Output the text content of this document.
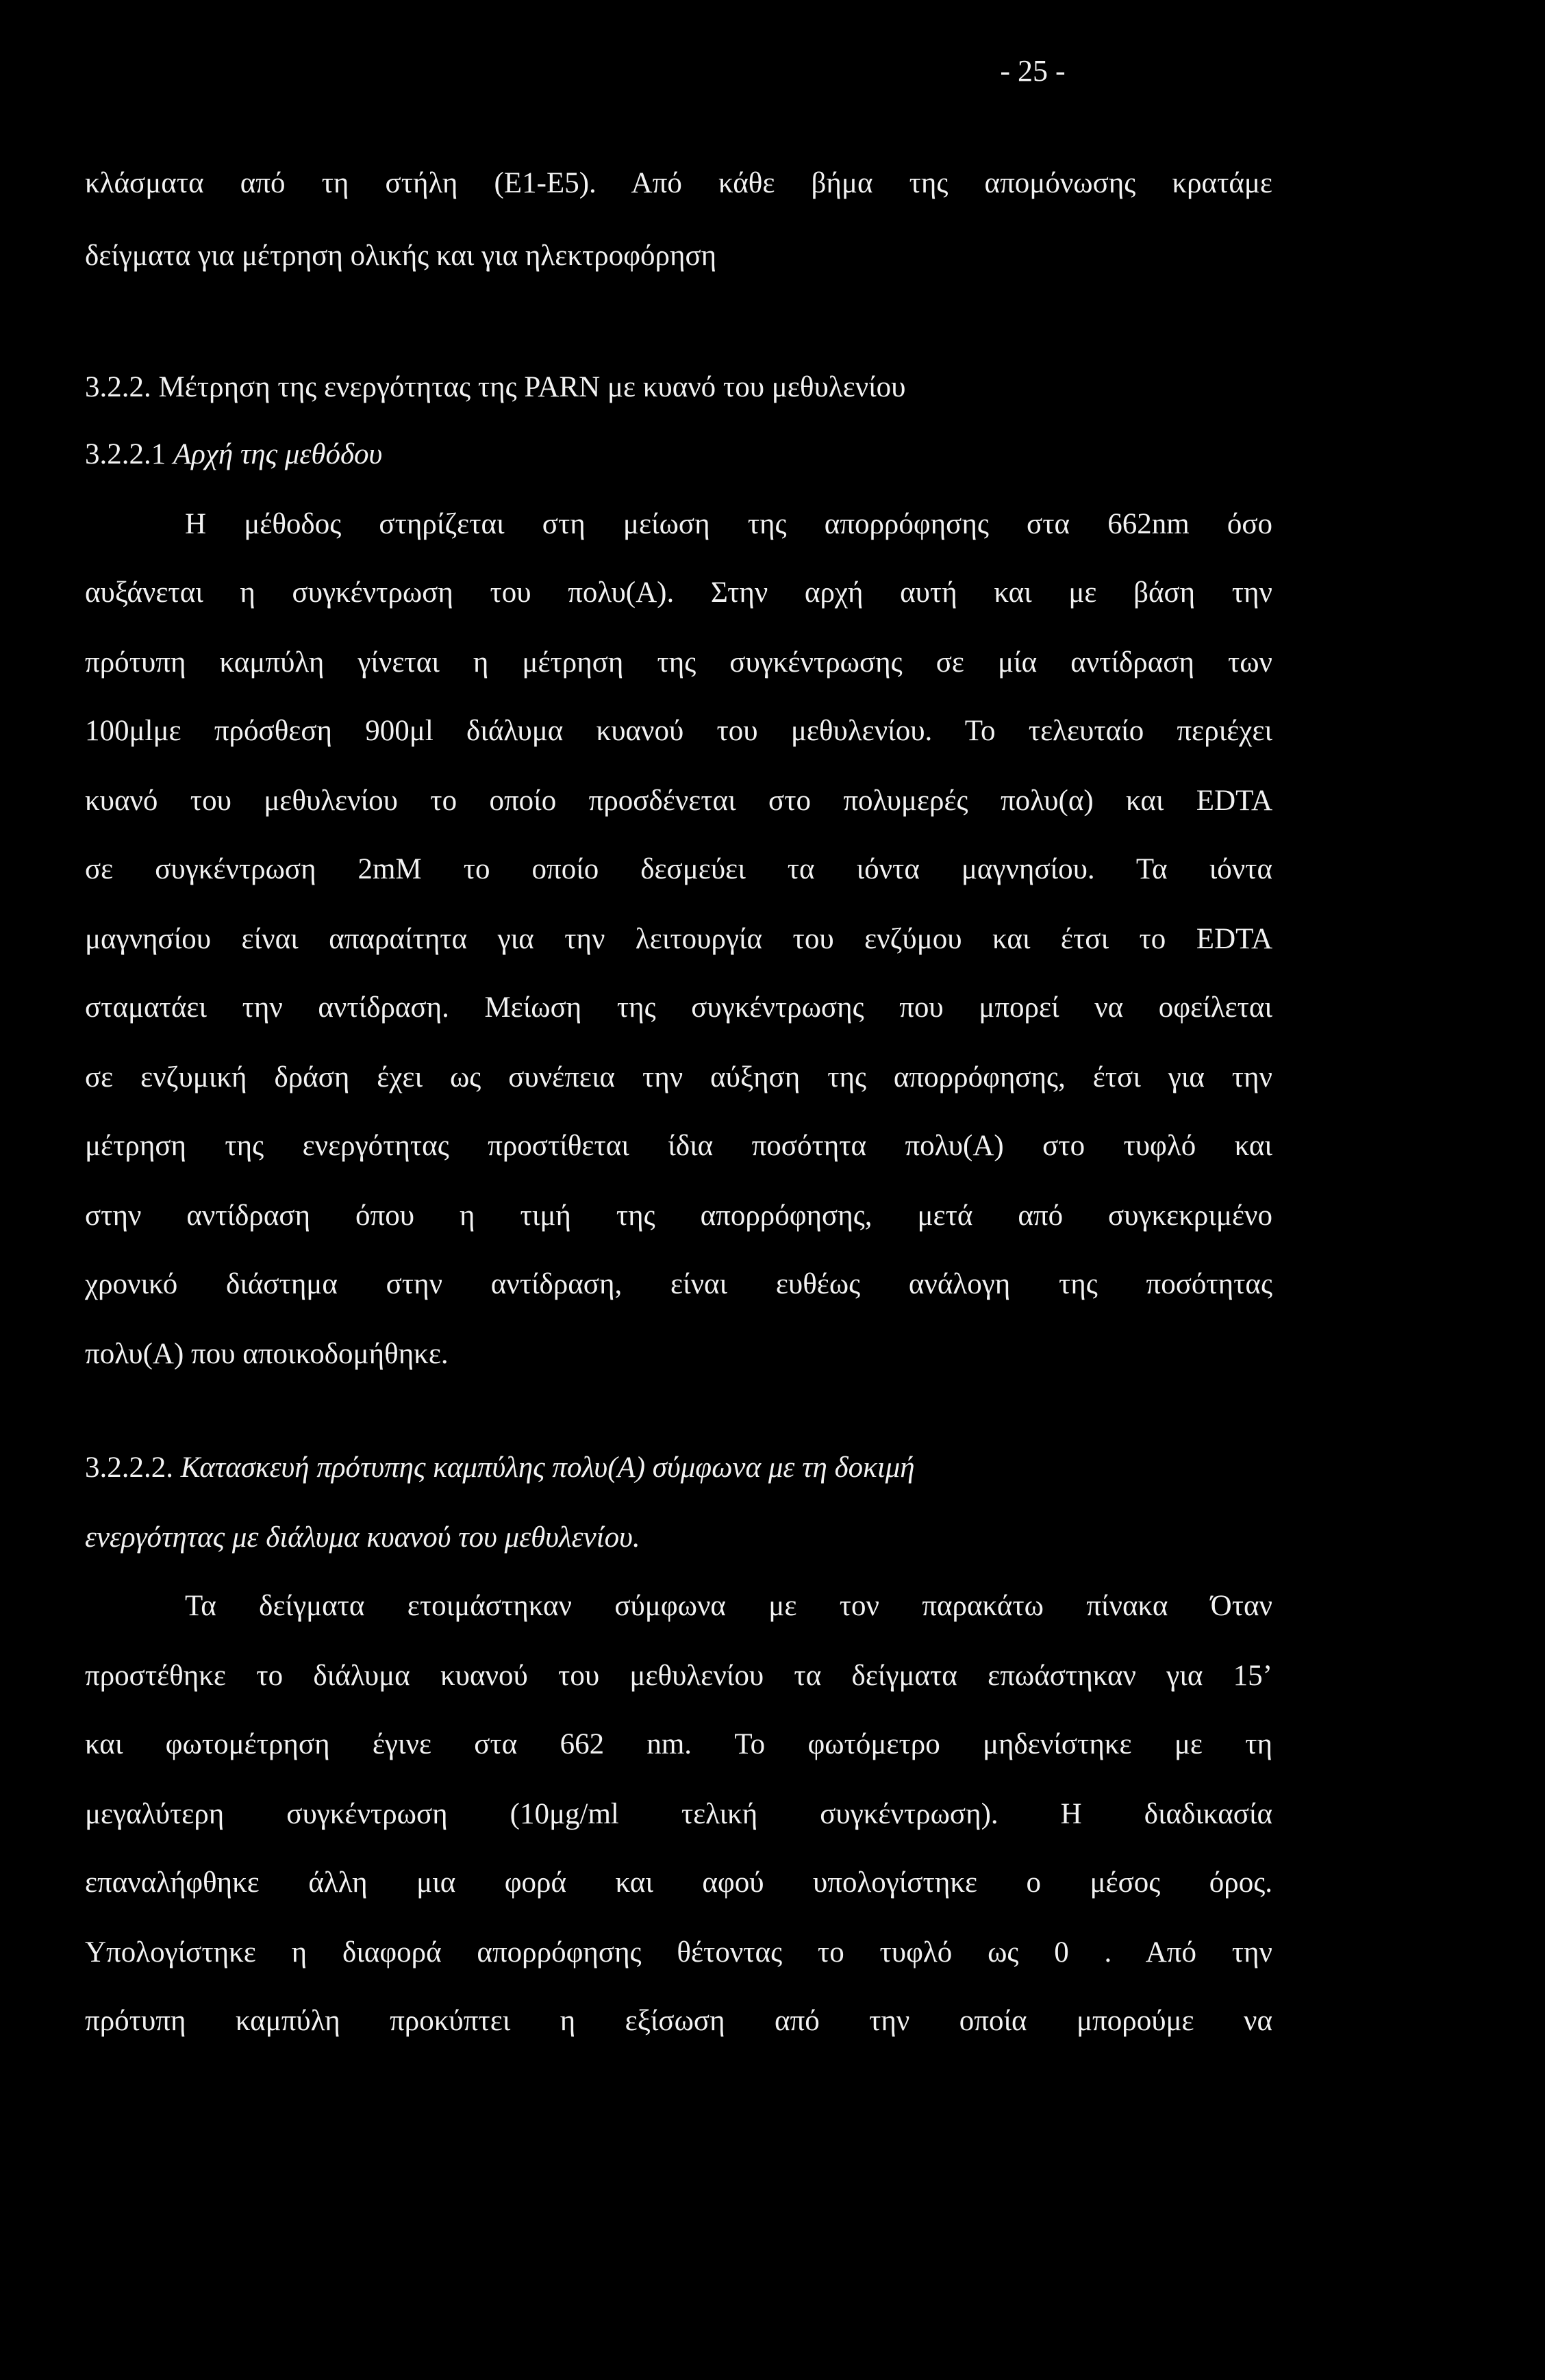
- 25 -
κλάσματα από τη στήλη (Ε1-Ε5). Από κάθε βήμα της απομόνωσης κρατάμε
δείγματα για μέτρηση ολικής και για ηλεκτροφόρηση
3.2.2. Μέτρηση της ενεργότητας της PARN με κυανό του μεθυλενίου
3.2.2.1 Αρχή της μεθόδου
Η μέθοδος στηρίζεται στη μείωση της απορρόφησης στα 662nm όσο
αυξάνεται η συγκέντρωση του πολυ(Α). Στην αρχή αυτή και με βάση την
πρότυπη καμπύλη γίνεται η μέτρηση της συγκέντρωσης σε μία αντίδραση των
100μlμε πρόσθεση 900μl διάλυμα κυανού του μεθυλενίου. Το τελευταίο περιέχει
κυανό του μεθυλενίου το οποίο προσδένεται στο πολυμερές πολυ(α) και EDTA
σε συγκέντρωση 2mM το οποίο δεσμεύει τα ιόντα μαγνησίου. Τα ιόντα
μαγνησίου είναι απαραίτητα για την λειτουργία του ενζύμου και έτσι το EDTA
σταματάει την αντίδραση. Μείωση της συγκέντρωσης που μπορεί να οφείλεται
σε ενζυμική δράση έχει ως συνέπεια την αύξηση της απορρόφησης, έτσι για την
μέτρηση της ενεργότητας προστίθεται ίδια ποσότητα πολυ(Α) στο τυφλό και
στην αντίδραση όπου η τιμή της απορρόφησης, μετά από συγκεκριμένο
χρονικό διάστημα στην αντίδραση, είναι ευθέως ανάλογη της ποσότητας
πολυ(Α) που αποικοδομήθηκε.
3.2.2.2. Κατασκευή πρότυπης καμπύλης πολυ(Α) σύμφωνα με τη δοκιμή
ενεργότητας με διάλυμα κυανού του μεθυλενίου.
Τα δείγματα ετοιμάστηκαν σύμφωνα με τον παρακάτω πίνακα Όταν
προστέθηκε το διάλυμα κυανού του μεθυλενίου τα δείγματα επωάστηκαν για 15’
και φωτομέτρηση έγινε στα 662 nm. Το φωτόμετρο μηδενίστηκε με τη
μεγαλύτερη συγκέντρωση (10μg/ml τελική συγκέντρωση). Η διαδικασία
επαναλήφθηκε άλλη μια φορά και αφού υπολογίστηκε ο μέσος όρος.
Υπολογίστηκε η διαφορά απορρόφησης θέτοντας το τυφλό ως 0 . Από την
πρότυπη καμπύλη προκύπτει η εξίσωση από την οποία μπορούμε να
